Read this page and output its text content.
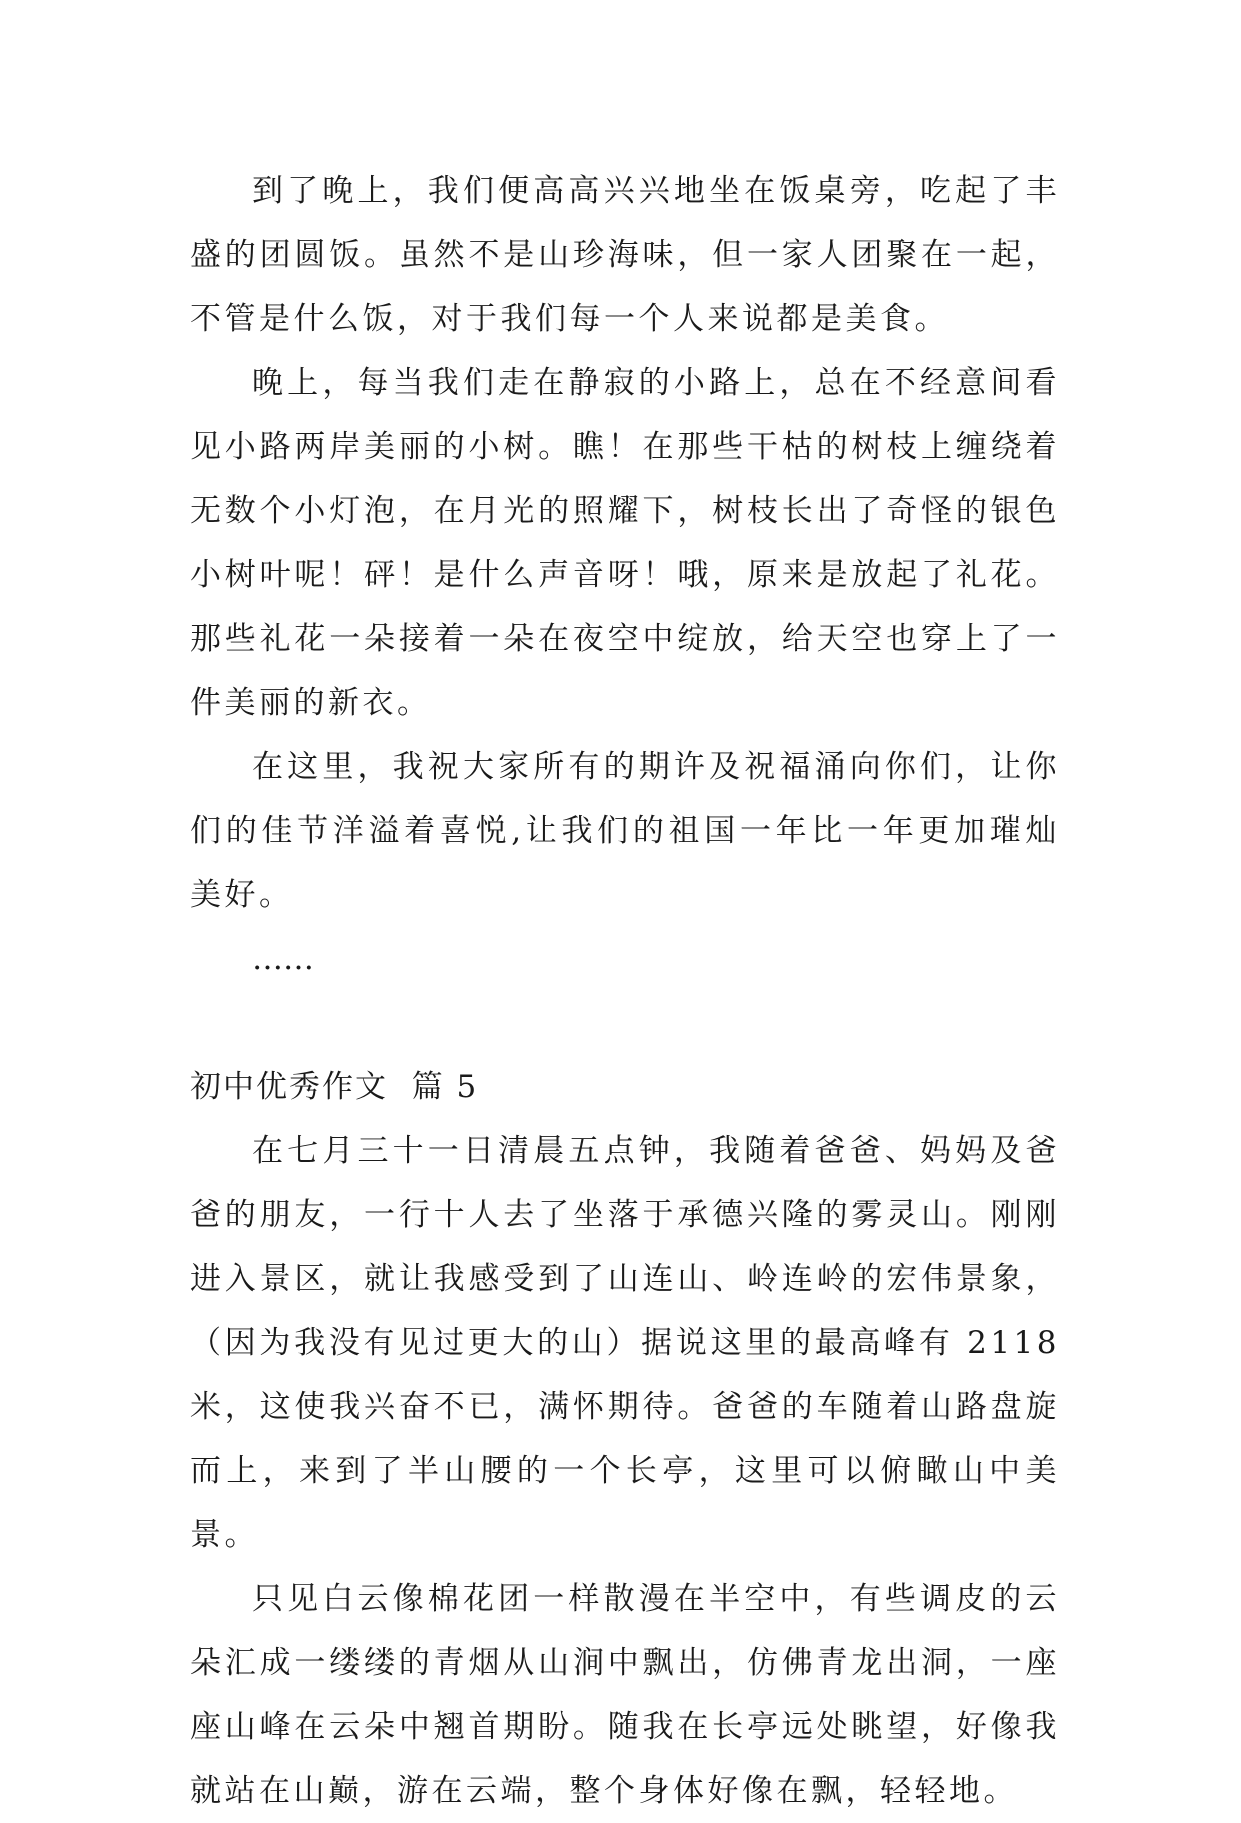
到了晚上，我们便高高兴兴地坐在饭桌旁，吃起了丰盛的团圆饭。虽然不是山珍海味，但一家人团聚在一起，不管是什么饭，对于我们每一个人来说都是美食。

晚上，每当我们走在静寂的小路上，总在不经意间看见小路两岸美丽的小树。瞧！在那些干枯的树枝上缠绕着无数个小灯泡，在月光的照耀下，树枝长出了奇怪的银色小树叶呢！砰！是什么声音呀！哦，原来是放起了礼花。那些礼花一朵接着一朵在夜空中绽放，给天空也穿上了一件美丽的新衣。

在这里，我祝大家所有的期许及祝福涌向你们，让你们的佳节洋溢着喜悦,让我们的祖国一年比一年更加璀灿美好。

……

初中优秀作文  篇 5

在七月三十一日清晨五点钟，我随着爸爸、妈妈及爸爸的朋友，一行十人去了坐落于承德兴隆的雾灵山。刚刚进入景区，就让我感受到了山连山、岭连岭的宏伟景象，（因为我没有见过更大的山）据说这里的最高峰有 2118 米，这使我兴奋不已，满怀期待。爸爸的车随着山路盘旋而上，来到了半山腰的一个长亭，这里可以俯瞰山中美景。

只见白云像棉花团一样散漫在半空中，有些调皮的云朵汇成一缕缕的青烟从山涧中飘出，仿佛青龙出洞，一座座山峰在云朵中翘首期盼。随我在长亭远处眺望，好像我就站在山巅，游在云端，整个身体好像在飘，轻轻地。
